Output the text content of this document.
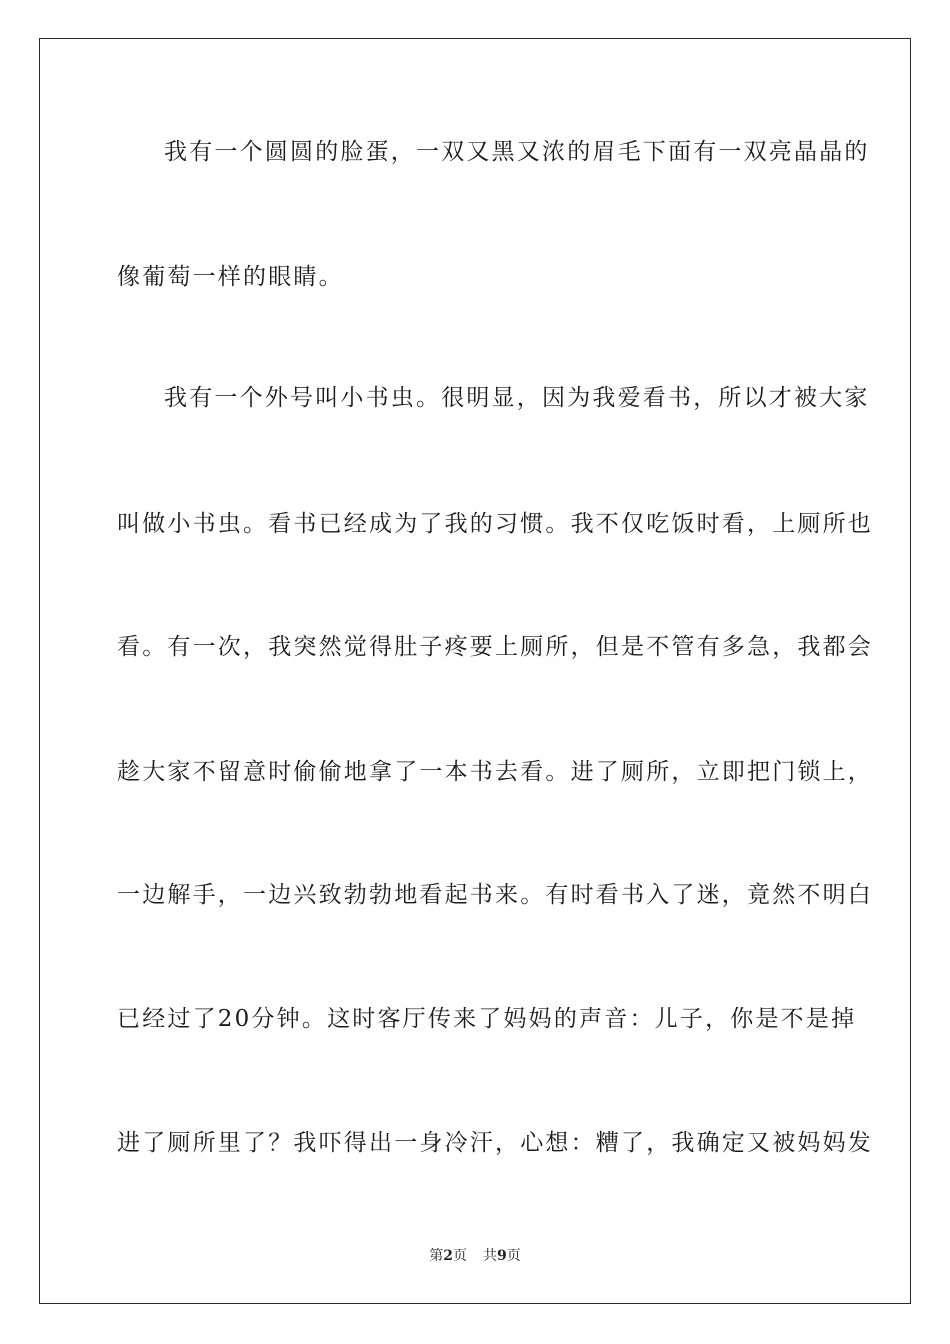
我有一个圆圆的脸蛋，一双又黑又浓的眉毛下面有一双亮晶晶的
像葡萄一样的眼睛。
我有一个外号叫小书虫。很明显，因为我爱看书，所以才被大家
叫做小书虫。看书已经成为了我的习惯。我不仅吃饭时看，上厕所也
看。有一次，我突然觉得肚子疼要上厕所，但是不管有多急，我都会
趁大家不留意时偷偷地拿了一本书去看。进了厕所，立即把门锁上，
一边解手，一边兴致勃勃地看起书来。有时看书入了迷，竟然不明白
已经过了20分钟。这时客厅传来了妈妈的声音：儿子，你是不是掉
进了厕所里了？我吓得出一身冷汗，心想：糟了，我确定又被妈妈发
第2页 共9页
